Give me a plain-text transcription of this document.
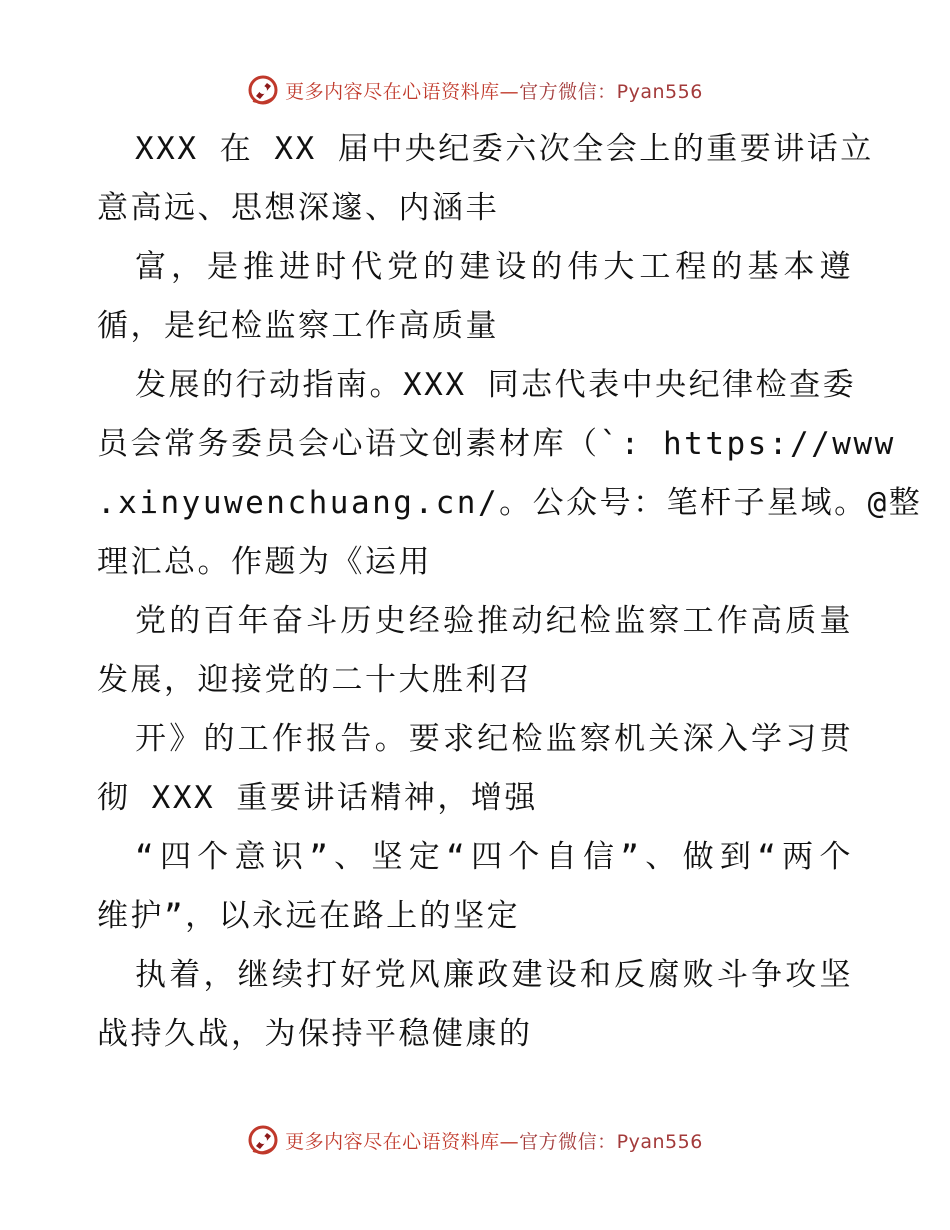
更多内容尽在心语资料库—官方微信：Pyan556
XXX 在 XX 届中央纪委六次全会上的重要讲话立
意高远、思想深邃、内涵丰
富，是推进时代党的建设的伟大工程的基本遵
循，是纪检监察工作高质量
发展的行动指南。XXX 同志代表中央纪律检查委
员会常务委员会心语文创素材库（`: https://www
.xinyuwenchuang.cn/。公众号：笔杆子星域。@整
理汇总。作题为《运用
党的百年奋斗历史经验推动纪检监察工作高质量
发展，迎接党的二十大胜利召
开》的工作报告。要求纪检监察机关深入学习贯
彻 XXX 重要讲话精神，增强
“四个意识”、坚定“四个自信”、做到“两个
维护”，以永远在路上的坚定
执着，继续打好党风廉政建设和反腐败斗争攻坚
战持久战，为保持平稳健康的
更多内容尽在心语资料库—官方微信：Pyan556
